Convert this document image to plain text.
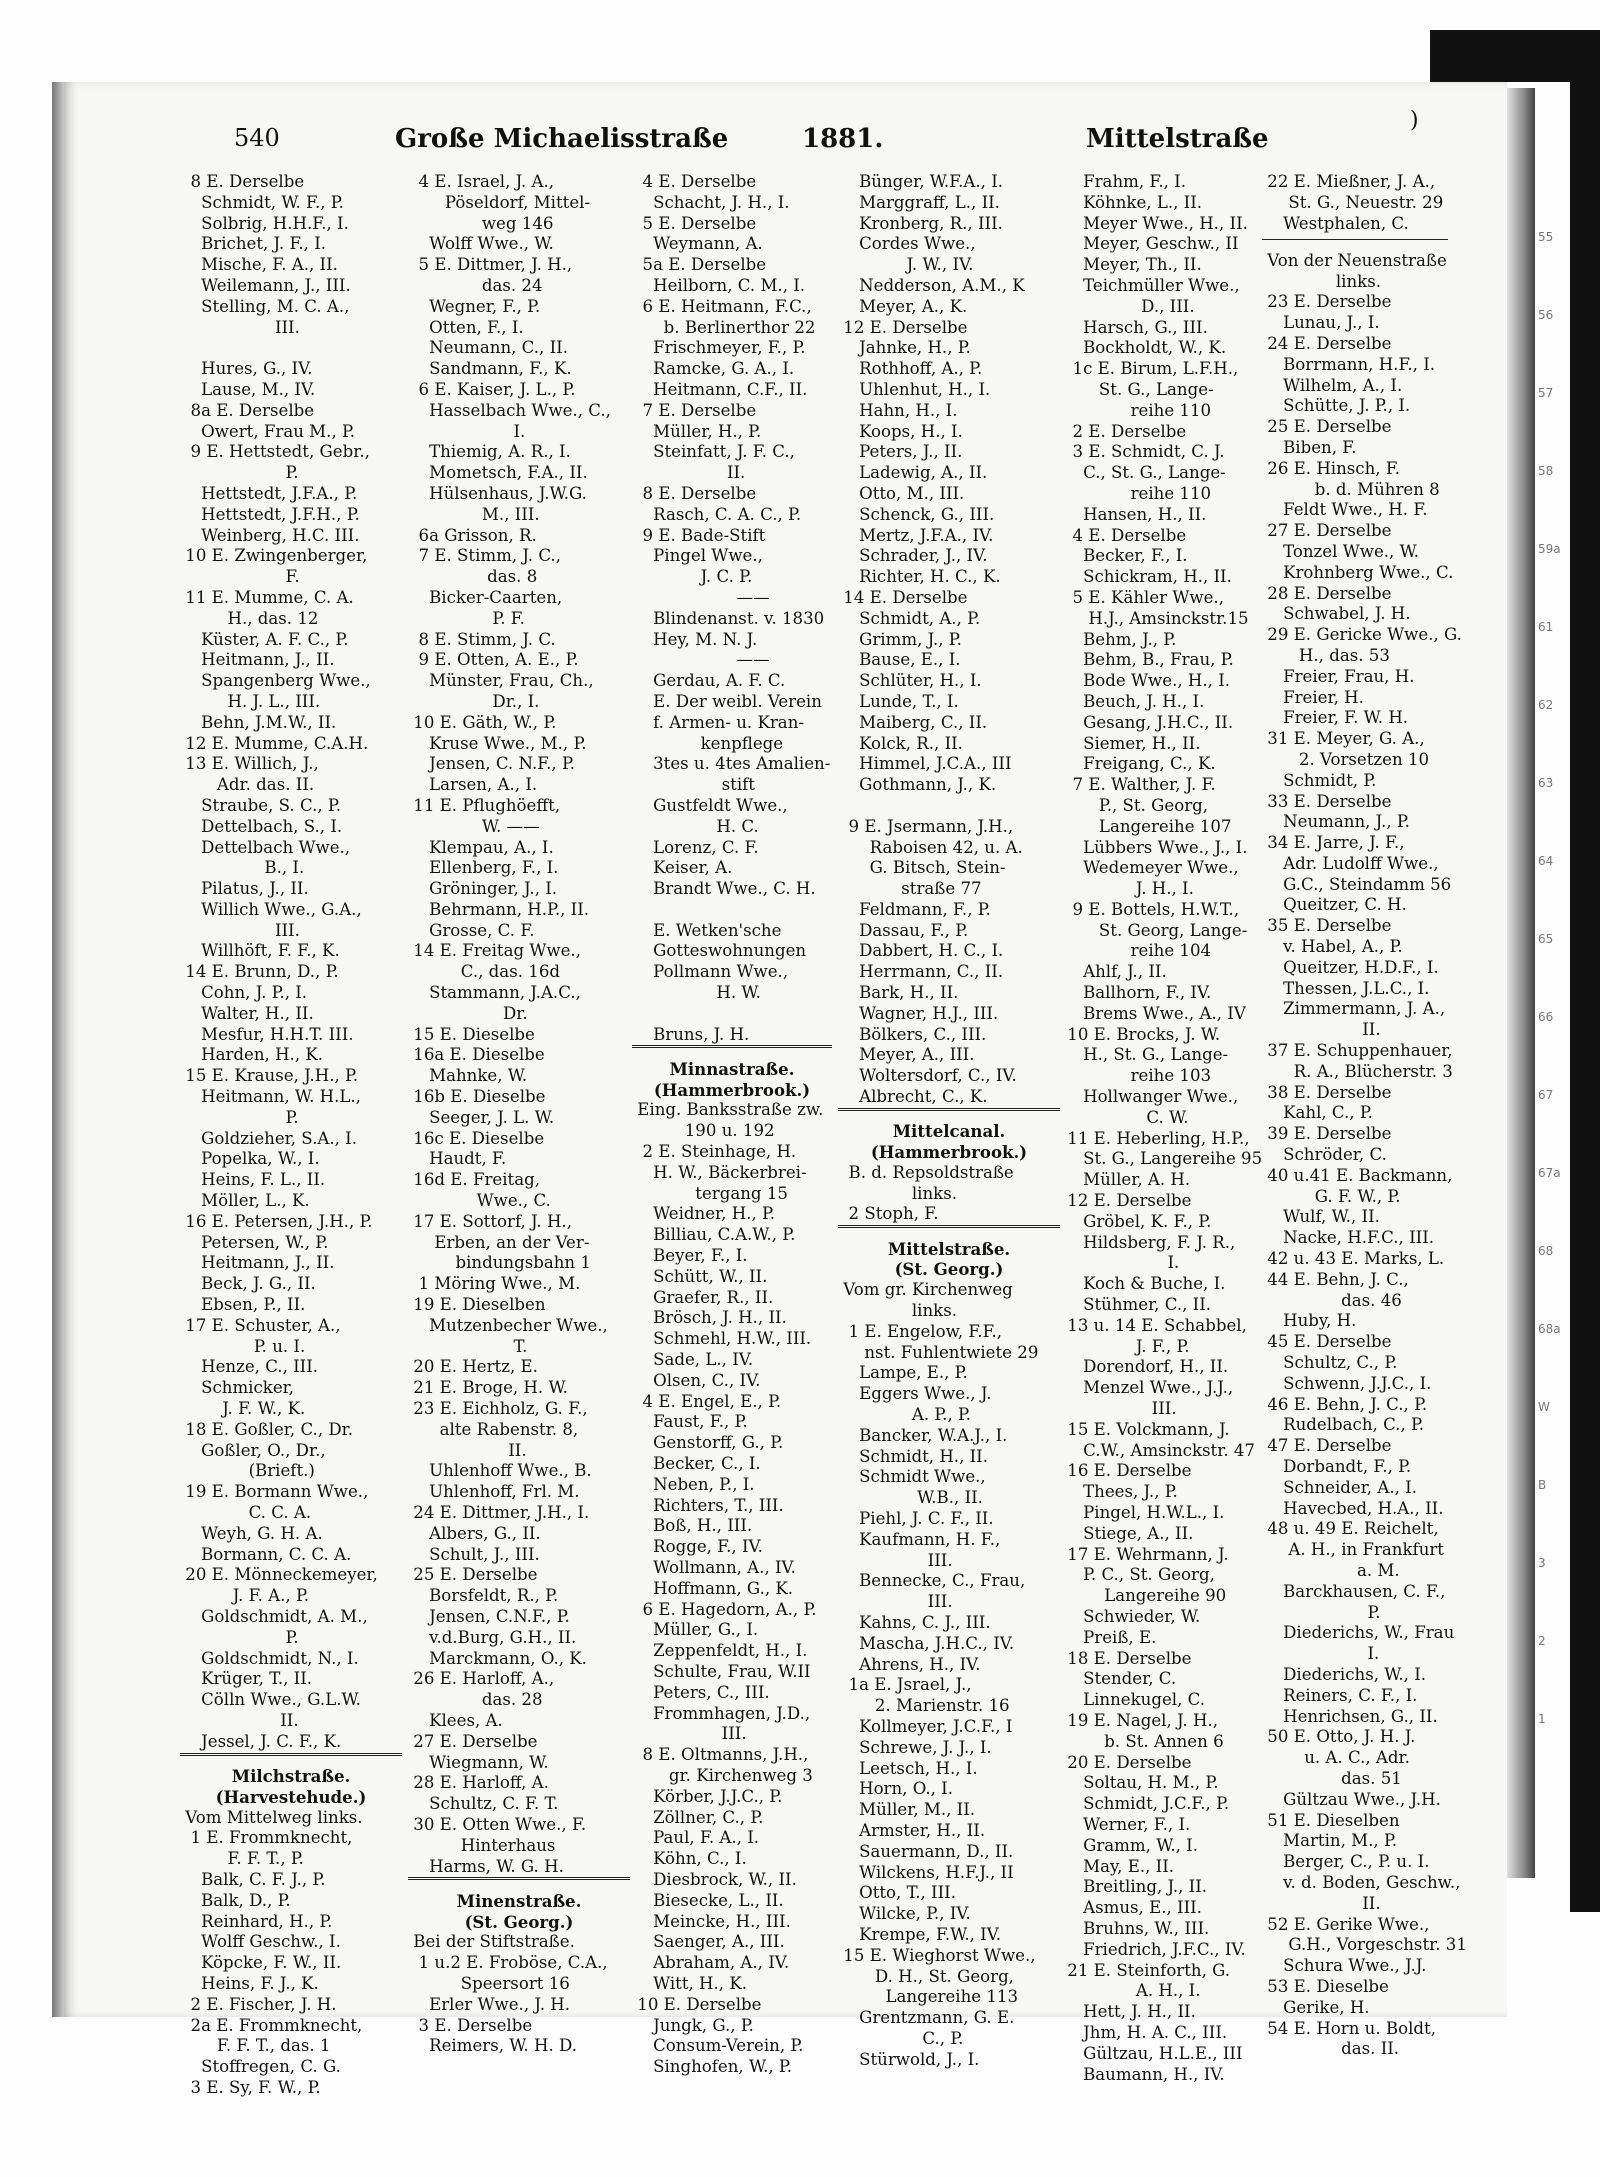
540	Große Michaelisstraße	1881.	Mittelstraße
)
8 E. Derselbe
Schmidt, W. F., P.
Solbrig, H.H.F., I.
Brichet, J. F., I.
Mische, F. A., II.
Weilemann, J., III.
Stelling, M. C. A.,
III.
Hures, G., IV.
Lause, M., IV.
8a E. Derselbe
Owert, Frau M., P.
9 E. Hettstedt, Gebr.,
P.
Hettstedt, J.F.A., P.
Hettstedt, J.F.H., P.
Weinberg, H.C. III.
10 E. Zwingenberger,
F.
11 E. Mumme, C. A.
H., das. 12
Küster, A. F. C., P.
Heitmann, J., II.
Spangenberg Wwe.,
H. J. L., III.
Behn, J.M.W., II.
12 E. Mumme, C.A.H.
13 E. Willich, J.,
Adr. das. II.
Straube, S. C., P.
Dettelbach, S., I.
Dettelbach Wwe.,
B., I.
Pilatus, J., II.
Willich Wwe., G.A.,
III.
Willhöft, F. F., K.
14 E. Brunn, D., P.
Cohn, J. P., I.
Walter, H., II.
Mesfur, H.H.T. III.
Harden, H., K.
15 E. Krause, J.H., P.
Heitmann, W. H.L.,
P.
Goldzieher, S.A., I.
Popelka, W., I.
Heins, F. L., II.
Möller, L., K.
16 E. Petersen, J.H., P.
Petersen, W., P.
Heitmann, J., II.
Beck, J. G., II.
Ebsen, P., II.
17 E. Schuster, A.,
P. u. I.
Henze, C., III.
Schmicker,
J. F. W., K.
18 E. Goßler, C., Dr.
Goßler, O., Dr.,
(Brieft.)
19 E. Bormann Wwe.,
C. C. A.
Weyh, G. H. A.
Bormann, C. C. A.
20 E. Mönneckemeyer,
J. F. A., P.
Goldschmidt, A. M.,
P.
Goldschmidt, N., I.
Krüger, T., II.
Cölln Wwe., G.L.W.
II.
Jessel, J. C. F., K.
Milchstraße.
(Harvestehude.)
Vom Mittelweg links.
1 E. Frommknecht,
F. F. T., P.
Balk, C. F. J., P.
Balk, D., P.
Reinhard, H., P.
Wolff Geschw., I.
Köpcke, F. W., II.
Heins, F. J., K.
2 E. Fischer, J. H.
2a E. Frommknecht,
F. F. T., das. 1
Stoffregen, C. G.
3 E. Sy, F. W., P.
4 E. Israel, J. A.,
Pöseldorf, Mittel-
weg 146
Wolff Wwe., W.
5 E. Dittmer, J. H.,
das. 24
Wegner, F., P.
Otten, F., I.
Neumann, C., II.
Sandmann, F., K.
6 E. Kaiser, J. L., P.
Hasselbach Wwe., C.,
I.
Thiemig, A. R., I.
Mometsch, F.A., II.
Hülsenhaus, J.W.G.
M., III.
6a Grisson, R.
7 E. Stimm, J. C.,
das. 8
Bicker-Caarten,
P. F.
8 E. Stimm, J. C.
9 E. Otten, A. E., P.
Münster, Frau, Ch.,
Dr., I.
10 E. Gäth, W., P.
Kruse Wwe., M., P.
Jensen, C. N.F., P.
Larsen, A., I.
11 E. Pflughöefft,
W. ——
Klempau, A., I.
Ellenberg, F., I.
Gröninger, J., I.
Behrmann, H.P., II.
Grosse, C. F.
14 E. Freitag Wwe.,
C., das. 16d
Stammann, J.A.C.,
Dr.
15 E. Dieselbe
16a E. Dieselbe
Mahnke, W.
16b E. Dieselbe
Seeger, J. L. W.
16c E. Dieselbe
Haudt, F.
16d E. Freitag,
Wwe., C.
17 E. Sottorf, J. H.,
Erben, an der Ver-
bindungsbahn 1
1 Möring Wwe., M.
19 E. Dieselben
Mutzenbecher Wwe.,
T.
20 E. Hertz, E.
21 E. Broge, H. W.
23 E. Eichholz, G. F.,
alte Rabenstr. 8,
II.
Uhlenhoff Wwe., B.
Uhlenhoff, Frl. M.
24 E. Dittmer, J.H., I.
Albers, G., II.
Schult, J., III.
25 E. Derselbe
Borsfeldt, R., P.
Jensen, C.N.F., P.
v.d.Burg, G.H., II.
Marckmann, O., K.
26 E. Harloff, A.,
das. 28
Klees, A.
27 E. Derselbe
Wiegmann, W.
28 E. Harloff, A.
Schultz, C. F. T.
30 E. Otten Wwe., F.
Hinterhaus
Harms, W. G. H.
Minenstraße.
(St. Georg.)
Bei der Stiftstraße.
1 u.2 E. Froböse, C.A.,
Speersort 16
Erler Wwe., J. H.
3 E. Derselbe
Reimers, W. H. D.
4 E. Derselbe
Schacht, J. H., I.
5 E. Derselbe
Weymann, A.
5a E. Derselbe
Heilborn, C. M., I.
6 E. Heitmann, F.C.,
b. Berlinerthor 22
Frischmeyer, F., P.
Ramcke, G. A., I.
Heitmann, C.F., II.
7 E. Derselbe
Müller, H., P.
Steinfatt, J. F. C.,
II.
8 E. Derselbe
Rasch, C. A. C., P.
9 E. Bade-Stift
Pingel Wwe.,
J. C. P.
——
Blindenanst. v. 1830
Hey, M. N. J.
——
Gerdau, A. F. C.
E. Der weibl. Verein
f. Armen- u. Kran-
kenpflege
3tes u. 4tes Amalien-
stift
Gustfeldt Wwe.,
H. C.
Lorenz, C. F.
Keiser, A.
Brandt Wwe., C. H.
E. Wetken'sche
Gotteswohnungen
Pollmann Wwe.,
H. W.
Bruns, J. H.
Minnastraße.
(Hammerbrook.)
Eing. Banksstraße zw.
190 u. 192
2 E. Steinhage, H.
H. W., Bäckerbrei-
tergang 15
Weidner, H., P.
Billiau, C.A.W., P.
Beyer, F., I.
Schütt, W., II.
Graefer, R., II.
Brösch, J. H., II.
Schmehl, H.W., III.
Sade, L., IV.
Olsen, C., IV.
4 E. Engel, E., P.
Faust, F., P.
Genstorff, G., P.
Becker, C., I.
Neben, P., I.
Richters, T., III.
Boß, H., III.
Rogge, F., IV.
Wollmann, A., IV.
Hoffmann, G., K.
6 E. Hagedorn, A., P.
Müller, G., I.
Zeppenfeldt, H., I.
Schulte, Frau, W.II
Peters, C., III.
Frommhagen, J.D.,
III.
8 E. Oltmanns, J.H.,
gr. Kirchenweg 3
Körber, J.J.C., P.
Zöllner, C., P.
Paul, F. A., I.
Köhn, C., I.
Diesbrock, W., II.
Biesecke, L., II.
Meincke, H., III.
Saenger, A., III.
Abraham, A., IV.
Witt, H., K.
10 E. Derselbe
Jungk, G., P.
Consum-Verein, P.
Singhofen, W., P.
Bünger, W.F.A., I.
Marggraff, L., II.
Kronberg, R., III.
Cordes Wwe.,
J. W., IV.
Nedderson, A.M., K
Meyer, A., K.
12 E. Derselbe
Jahnke, H., P.
Rothhoff, A., P.
Uhlenhut, H., I.
Hahn, H., I.
Koops, H., I.
Peters, J., II.
Ladewig, A., II.
Otto, M., III.
Schenck, G., III.
Mertz, J.F.A., IV.
Schrader, J., IV.
Richter, H. C., K.
14 E. Derselbe
Schmidt, A., P.
Grimm, J., P.
Bause, E., I.
Schlüter, H., I.
Lunde, T., I.
Maiberg, C., II.
Kolck, R., II.
Himmel, J.C.A., III
Gothmann, J., K.
9 E. Jsermann, J.H.,
Raboisen 42, u. A.
G. Bitsch, Stein-
straße 77
Feldmann, F., P.
Dassau, F., P.
Dabbert, H. C., I.
Herrmann, C., II.
Bark, H., II.
Wagner, H.J., III.
Bölkers, C., III.
Meyer, A., III.
Woltersdorf, C., IV.
Albrecht, C., K.
Mittelcanal.
(Hammerbrook.)
B. d. Repsoldstraße
links.
2 Stoph, F.
Mittelstraße.
(St. Georg.)
Vom gr. Kirchenweg
links.
1 E. Engelow, F.F.,
nst. Fuhlentwiete 29
Lampe, E., P.
Eggers Wwe., J.
A. P., P.
Bancker, W.A.J., I.
Schmidt, H., II.
Schmidt Wwe.,
W.B., II.
Piehl, J. C. F., II.
Kaufmann, H. F.,
III.
Bennecke, C., Frau,
III.
Kahns, C. J., III.
Mascha, J.H.C., IV.
Ahrens, H., IV.
1a E. Jsrael, J.,
2. Marienstr. 16
Kollmeyer, J.C.F., I
Schrewe, J. J., I.
Leetsch, H., I.
Horn, O., I.
Müller, M., II.
Armster, H., II.
Sauermann, D., II.
Wilckens, H.F.J., II
Otto, T., III.
Wilcke, P., IV.
Krempe, F.W., IV.
15 E. Wieghorst Wwe.,
D. H., St. Georg,
Langereihe 113
Grentzmann, G. E.
C., P.
Stürwold, J., I.
Frahm, F., I.
Köhnke, L., II.
Meyer Wwe., H., II.
Meyer, Geschw., II
Meyer, Th., II.
Teichmüller Wwe.,
D., III.
Harsch, G., III.
Bockholdt, W., K.
1c E. Birum, L.F.H.,
St. G., Lange-
reihe 110
2 E. Derselbe
3 E. Schmidt, C. J.
C., St. G., Lange-
reihe 110
Hansen, H., II.
4 E. Derselbe
Becker, F., I.
Schickram, H., II.
5 E. Kähler Wwe.,
H.J., Amsinckstr.15
Behm, J., P.
Behm, B., Frau, P.
Bode Wwe., H., I.
Beuch, J. H., I.
Gesang, J.H.C., II.
Siemer, H., II.
Freigang, C., K.
7 E. Walther, J. F.
P., St. Georg,
Langereihe 107
Lübbers Wwe., J., I.
Wedemeyer Wwe.,
J. H., I.
9 E. Bottels, H.W.T.,
St. Georg, Lange-
reihe 104
Ahlf, J., II.
Ballhorn, F., IV.
Brems Wwe., A., IV
10 E. Brocks, J. W.
H., St. G., Lange-
reihe 103
Hollwanger Wwe.,
C. W.
11 E. Heberling, H.P.,
St. G., Langereihe 95
Müller, A. H.
12 E. Derselbe
Gröbel, K. F., P.
Hildsberg, F. J. R.,
I.
Koch & Buche, I.
Stühmer, C., II.
13 u. 14 E. Schabbel,
J. F., P.
Dorendorf, H., II.
Menzel Wwe., J.J.,
III.
15 E. Volckmann, J.
C.W., Amsinckstr. 47
16 E. Derselbe
Thees, J., P.
Pingel, H.W.L., I.
Stiege, A., II.
17 E. Wehrmann, J.
P. C., St. Georg,
Langereihe 90
Schwieder, W.
Preiß, E.
18 E. Derselbe
Stender, C.
Linnekugel, C.
19 E. Nagel, J. H.,
b. St. Annen 6
20 E. Derselbe
Soltau, H. M., P.
Schmidt, J.C.F., P.
Werner, F., I.
Gramm, W., I.
May, E., II.
Breitling, J., II.
Asmus, E., III.
Bruhns, W., III.
Friedrich, J.F.C., IV.
21 E. Steinforth, G.
A. H., I.
Hett, J. H., II.
Jhm, H. A. C., III.
Gültzau, H.L.E., III
Baumann, H., IV.
22 E. Mießner, J. A.,
St. G., Neuestr. 29
Westphalen, C.
Von der Neuenstraße
links.
23 E. Derselbe
Lunau, J., I.
24 E. Derselbe
Borrmann, H.F., I.
Wilhelm, A., I.
Schütte, J. P., I.
25 E. Derselbe
Biben, F.
26 E. Hinsch, F.
b. d. Mühren 8
Feldt Wwe., H. F.
27 E. Derselbe
Tonzel Wwe., W.
Krohnberg Wwe., C.
28 E. Derselbe
Schwabel, J. H.
29 E. Gericke Wwe., G.
H., das. 53
Freier, Frau, H.
Freier, H.
Freier, F. W. H.
31 E. Meyer, G. A.,
2. Vorsetzen 10
Schmidt, P.
33 E. Derselbe
Neumann, J., P.
34 E. Jarre, J. F.,
Adr. Ludolff Wwe.,
G.C., Steindamm 56
Queitzer, C. H.
35 E. Derselbe
v. Habel, A., P.
Queitzer, H.D.F., I.
Thessen, J.L.C., I.
Zimmermann, J. A.,
II.
37 E. Schuppenhauer,
R. A., Blücherstr. 3
38 E. Derselbe
Kahl, C., P.
39 E. Derselbe
Schröder, C.
40 u.41 E. Backmann,
G. F. W., P.
Wulf, W., II.
Nacke, H.F.C., III.
42 u. 43 E. Marks, L.
44 E. Behn, J. C.,
das. 46
Huby, H.
45 E. Derselbe
Schultz, C., P.
Schwenn, J.J.C., I.
46 E. Behn, J. C., P.
Rudelbach, C., P.
47 E. Derselbe
Dorbandt, F., P.
Schneider, A., I.
Havecbed, H.A., II.
48 u. 49 E. Reichelt,
A. H., in Frankfurt
a. M.
Barckhausen, C. F.,
P.
Diederichs, W., Frau
I.
Diederichs, W., I.
Reiners, C. F., I.
Henrichsen, G., II.
50 E. Otto, J. H. J.
u. A. C., Adr.
das. 51
Gültzau Wwe., J.H.
51 E. Dieselben
Martin, M., P.
Berger, C., P. u. I.
v. d. Boden, Geschw.,
II.
52 E. Gerike Wwe.,
G.H., Vorgeschstr. 31
Schura Wwe., J.J.
53 E. Dieselbe
Gerike, H.
54 E. Horn u. Boldt,
das. II.
55
56
57
58
59a
61
62
63
64
65
66
67
67a
68
68a
W
B
3
2
1
